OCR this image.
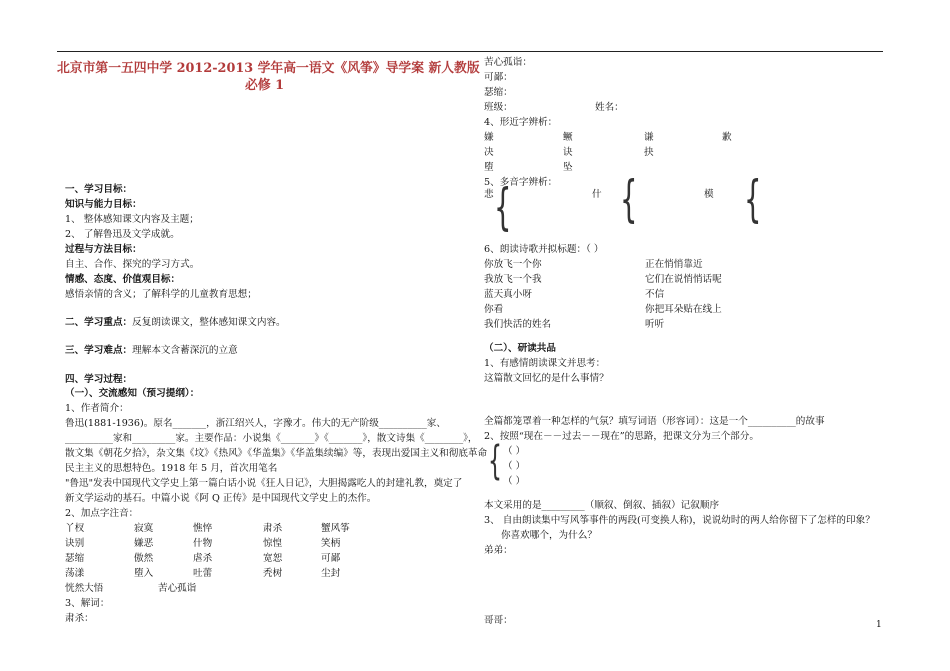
北京市第一五四中学 2012-2013 学年高一语文《风筝》导学案 新人教版
必修 1
一、学习目标：
知识与能力目标：
1、 整体感知课文内容及主题；
2、 了解鲁迅及文学成就。
过程与方法目标：
自主、合作、探究的学习方式。
情感、态度、价值观目标：
感悟亲情的含义；了解科学的儿童教育思想；
二、学习重点：反复朗读课文，整体感知课文内容。
三、学习难点：理解本文含蓄深沉的立意
四、学习过程：
（一）、交流感知（预习提纲）：
1、作者简介：
鲁迅(1881-1936)。原名_______，浙江绍兴人，字豫才。伟大的无产阶级__________家、
__________家和_________家。主要作品：小说集《_______》《_______》，散文诗集《________》，
散文集《朝花夕拾》，杂文集《坟》《热风》《华盖集》《华盖集续编》等，表现出爱国主义和彻底革命
民主主义的思想特色。1918 年 5 月，首次用笔名
"鲁迅"发表中国现代文学史上第一篇白话小说《狂人日记》，大胆揭露吃人的封建礼教，奠定了
新文学运动的基石。中篇小说《阿 Q 正传》是中国现代文学史上的杰作。
2、加点字注音：
丫杈	寂寞	憔悴	肃杀	蟹风筝
诀别	嫌恶	什物	惊惶	笑柄
瑟缩	傲然	虐杀	宽恕	可鄙
荡漾	堕入	吐蕾	秃树	尘封
恍然大悟	苦心孤诣
3、解词：
肃杀：
苦心孤诣：
可鄙：
瑟缩：
班级：	姓名：
4、形近字辨析：
嫌	鳜	谦	歉
决	诀	抉
堕	坠
5、多音字辨析：
悲	什	模
{ { {
6、朗读诗歌并拟标题：（ ）
你放飞一个你	正在悄悄靠近
我放飞一个我	它们在说悄悄话呢
蓝天真小呀	不信
你看	你把耳朵贴在线上
我们快活的姓名	听听
（二）、研读共品
1、有感情朗读课文并思考：
这篇散文回忆的是什么事情？
全篇都笼罩着一种怎样的气氛？填写词语（形容词）：这是一个__________的故事
2、按照“现在－－过去－－现在”的思路，把课文分为三个部分。
{ （ ）
（ ）
（ ）
本文采用的是_________（顺叙、倒叙、插叙）记叙顺序
3、 自由朗读集中写风筝事件的两段(可变换人称)，说说幼时的两人给你留下了怎样的印象？
你喜欢哪个，为什么？
弟弟：
哥哥：	1
